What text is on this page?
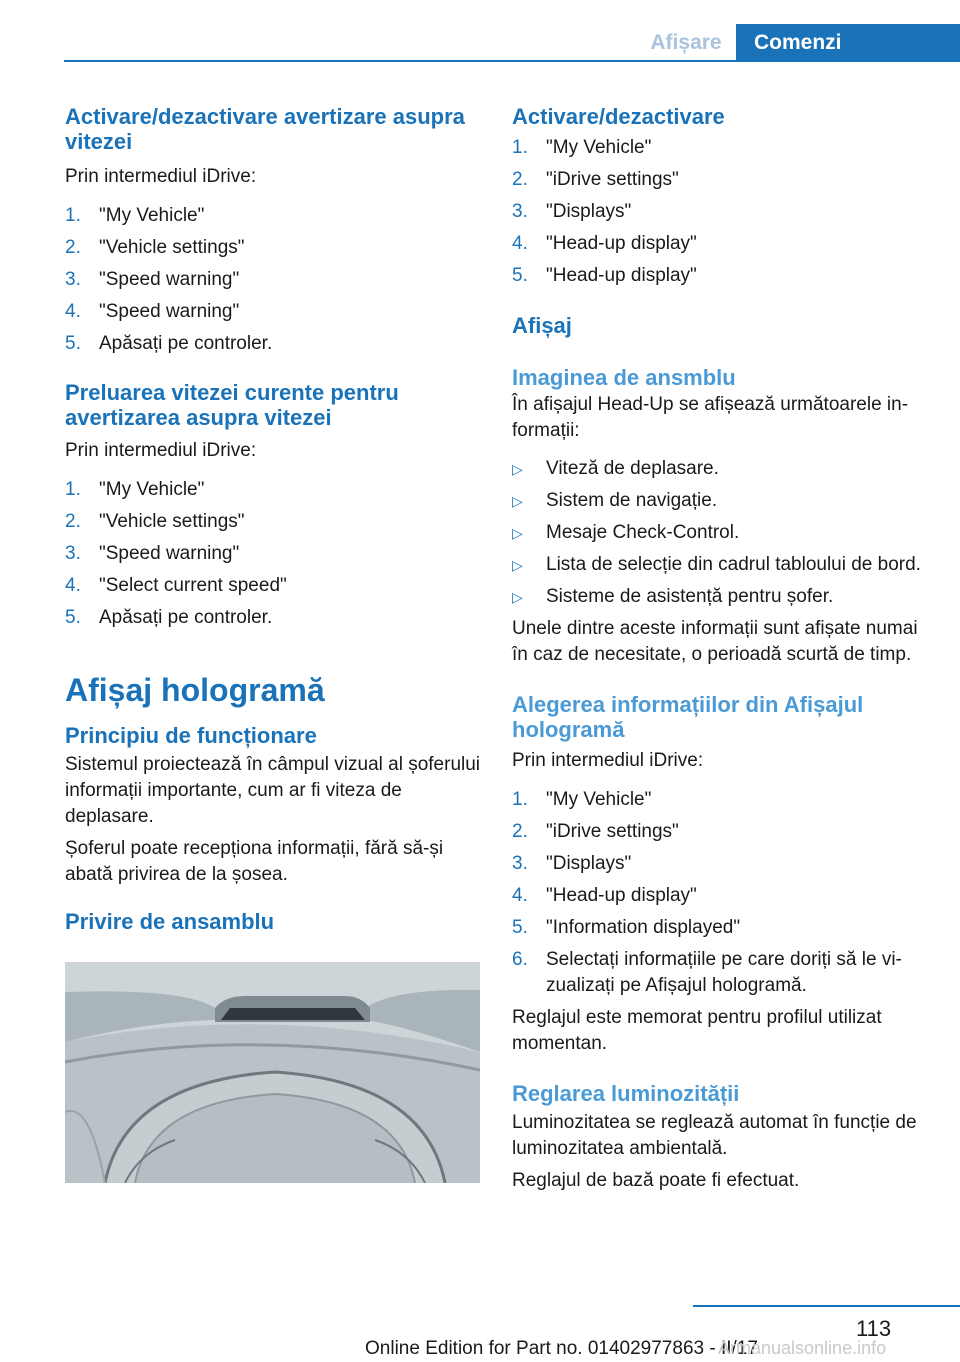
Afișare	Comenzi
Activare/dezactivare avertizare asupra vitezei

Prin intermediul iDrive:

1. "My Vehicle"
2. "Vehicle settings"
3. "Speed warning"
4. "Speed warning"
5. Apăsați pe controler.
Preluarea vitezei curente pentru avertizarea asupra vitezei

Prin intermediul iDrive:

1. "My Vehicle"
2. "Vehicle settings"
3. "Speed warning"
4. "Select current speed"
5. Apăsați pe controler.
Afișaj hologramă
Principiu de funcționare

Sistemul proiectează în câmpul vizual al șoferului informații importante, cum ar fi viteza de deplasare.

Șoferul poate recepționa informații, fără să-și abată privirea de la șosea.

Privire de ansamblu
Activare/dezactivare
1. "My Vehicle"
2. "iDrive settings"
3. "Displays"
4. "Head-up display"
5. "Head-up display"
Afișaj
Imaginea de ansmblu

În afișajul Head-Up se afișează următoarele informații:

▷ Viteză de deplasare.
▷ Sistem de navigație.
▷ Mesaje Check-Control.
▷ Lista de selecție din cadrul tabloului de bord.
▷ Sisteme de asistență pentru șofer.

Unele dintre aceste informații sunt afișate numai în caz de necesitate, o perioadă scurtă de timp.

Alegerea informațiilor din Afișajul hologramă

Prin intermediul iDrive:

1. "My Vehicle"
2. "iDrive settings"
3. "Displays"
4. "Head-up display"
5. "Information displayed"
6. Selectați informațiile pe care doriți să le vizualizați pe Afișajul hologramă.

Reglajul este memorat pentru profilul utilizat momentan.

Reglarea luminozității

Luminozitatea se reglează automat în funcție de luminozitatea ambientală.

Reglajul de bază poate fi efectuat.

113
Online Edition for Part no. 01402977863 - II/17
Armanualsonline.info
